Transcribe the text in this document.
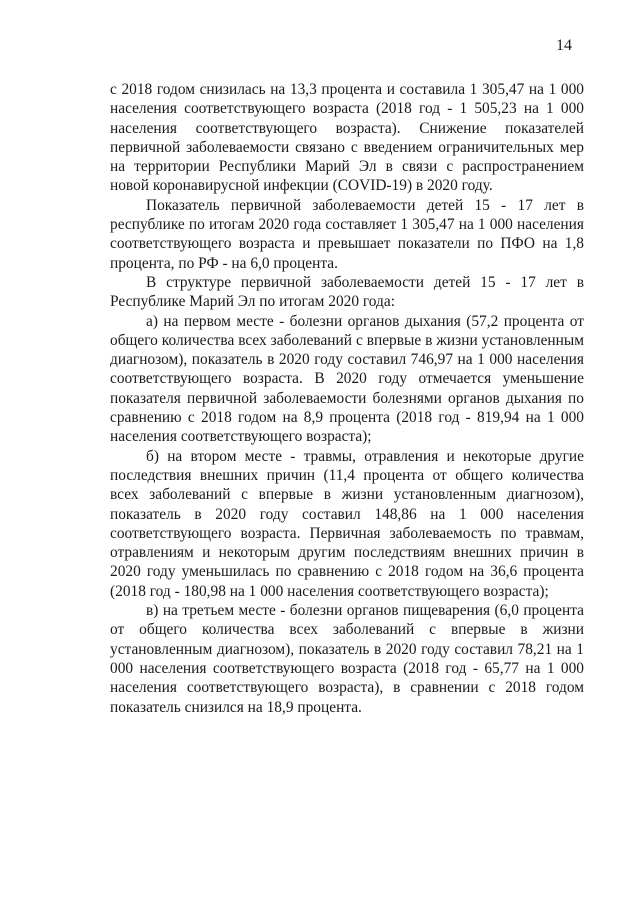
14

с 2018 годом снизилась на 13,3 процента и составила 1 305,47 на 1 000 населения соответствующего возраста (2018 год - 1 505,23 на 1 000 населения соответствующего возраста). Снижение показателей первичной заболеваемости связано с введением ограничительных мер на территории Республики Марий Эл в связи с распространением новой коронавирусной инфекции (COVID-19) в 2020 году.

Показатель первичной заболеваемости детей 15 - 17 лет в республике по итогам 2020 года составляет 1 305,47 на 1 000 населения соответствующего возраста и превышает показатели по ПФО на 1,8 процента, по РФ - на 6,0 процента.

В структуре первичной заболеваемости детей 15 - 17 лет в Республике Марий Эл по итогам 2020 года:

а) на первом месте - болезни органов дыхания (57,2 процента от общего количества всех заболеваний с впервые в жизни установленным диагнозом), показатель в 2020 году составил 746,97 на 1 000 населения соответствующего возраста. В 2020 году отмечается уменьшение показателя первичной заболеваемости болезнями органов дыхания по сравнению с 2018 годом на 8,9 процента (2018 год - 819,94 на 1 000 населения соответствующего возраста);

б) на втором месте - травмы, отравления и некоторые другие последствия внешних причин (11,4 процента от общего количества всех заболеваний с впервые в жизни установленным диагнозом), показатель в 2020 году составил 148,86 на 1 000 населения соответствующего возраста. Первичная заболеваемость по травмам, отравлениям и некоторым другим последствиям внешних причин в 2020 году уменьшилась по сравнению с 2018 годом на 36,6 процента (2018 год - 180,98 на 1 000 населения соответствующего возраста);

в) на третьем месте - болезни органов пищеварения (6,0 процента от общего количества всех заболеваний с впервые в жизни установленным диагнозом), показатель в 2020 году составил 78,21 на 1 000 населения соответствующего возраста (2018 год - 65,77 на 1 000 населения соответствующего возраста), в сравнении с 2018 годом показатель снизился на 18,9 процента.
